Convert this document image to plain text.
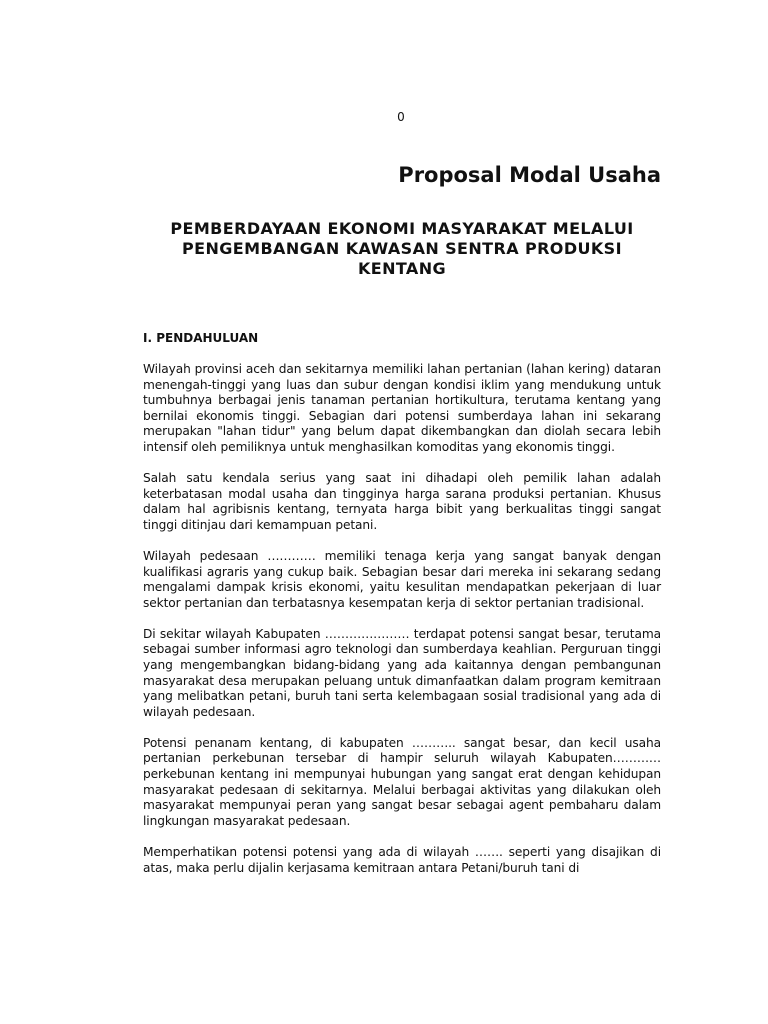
0
Proposal Modal Usaha
PEMBERDAYAAN EKONOMI MASYARAKAT MELALUI PENGEMBANGAN KAWASAN SENTRA PRODUKSI KENTANG
I. PENDAHULUAN

Wilayah provinsi aceh dan sekitarnya memiliki lahan pertanian (lahan kering) dataran menengah-tinggi yang luas dan subur dengan kondisi iklim yang mendukung untuk tumbuhnya berbagai jenis tanaman pertanian hortikultura, terutama kentang yang bernilai ekonomis tinggi. Sebagian dari potensi sumberdaya lahan ini sekarang merupakan "lahan tidur" yang belum dapat dikembangkan dan diolah secara lebih intensif oleh pemiliknya untuk menghasilkan komoditas yang ekonomis tinggi.

Salah satu kendala serius yang saat ini dihadapi oleh pemilik lahan adalah keterbatasan modal usaha dan tingginya harga sarana produksi pertanian. Khusus dalam hal agribisnis kentang, ternyata harga bibit yang berkualitas tinggi sangat tinggi ditinjau dari kemampuan petani.

Wilayah pedesaan ………… memiliki tenaga kerja yang sangat banyak dengan kualifikasi agraris yang cukup baik. Sebagian besar dari mereka ini sekarang sedang mengalami dampak krisis ekonomi, yaitu kesulitan mendapatkan pekerjaan di luar sektor pertanian dan terbatasnya kesempatan kerja di sektor pertanian tradisional.

Di sekitar wilayah Kabupaten ………………… terdapat potensi sangat besar, terutama sebagai sumber informasi agro teknologi dan sumberdaya keahlian. Perguruan tinggi yang mengembangkan bidang-bidang yang ada kaitannya dengan pembangunan masyarakat desa merupakan peluang untuk dimanfaatkan dalam program kemitraan yang melibatkan petani, buruh tani serta kelembagaan sosial tradisional yang ada di wilayah pedesaan.

Potensi penanam kentang, di kabupaten ……….. sangat besar, dan kecil usaha pertanian perkebunan tersebar di hampir seluruh wilayah Kabupaten………… perkebunan kentang ini mempunyai hubungan yang sangat erat dengan kehidupan masyarakat pedesaan di sekitarnya. Melalui berbagai aktivitas yang dilakukan oleh masyarakat mempunyai peran yang sangat besar sebagai agent pembaharu dalam lingkungan masyarakat pedesaan.

Memperhatikan potensi potensi yang ada di wilayah ……. seperti yang disajikan di atas, maka perlu dijalin kerjasama kemitraan antara Petani/buruh tani di
